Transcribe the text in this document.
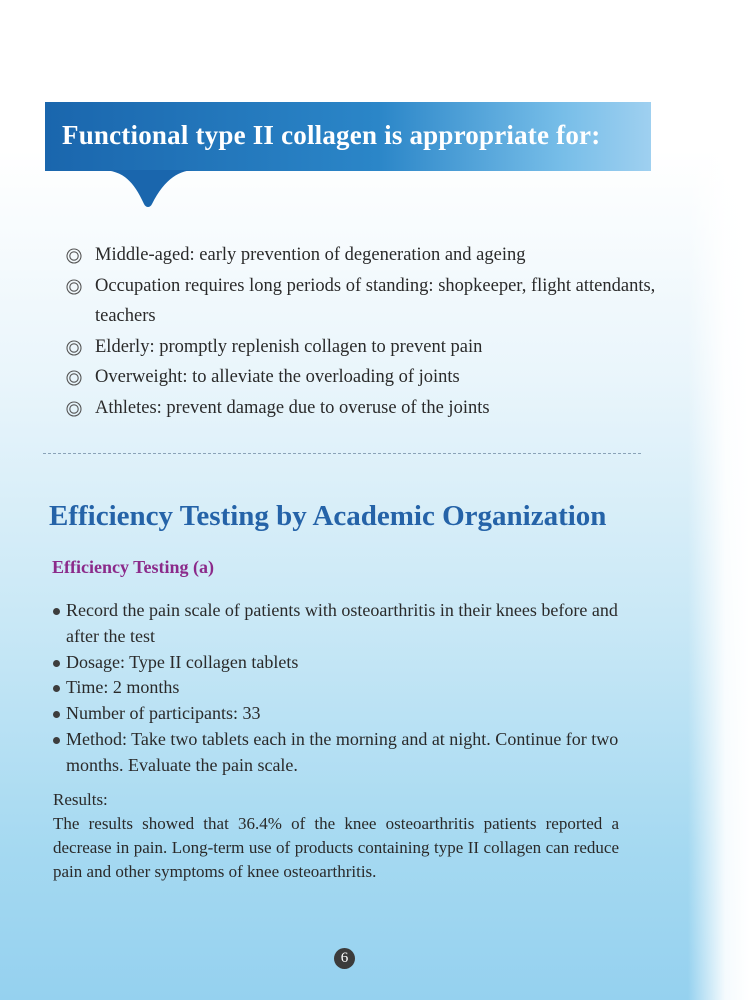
Functional type II collagen is appropriate for:
Middle-aged: early prevention of degeneration and ageing
Occupation requires long periods of standing: shopkeeper, flight attendants, teachers
Elderly: promptly replenish collagen to prevent pain
Overweight: to alleviate the overloading of joints
Athletes: prevent damage due to overuse of the joints
Efficiency Testing by Academic Organization
Efficiency Testing (a)
Record the pain scale of patients with osteoarthritis in their knees before and after the test
Dosage: Type II collagen tablets
Time: 2 months
Number of participants: 33
Method: Take two tablets each in the morning and at night. Continue for two months. Evaluate the pain scale.
Results:
The results showed that 36.4% of the knee osteoarthritis patients reported a decrease in pain. Long-term use of products containing type II collagen can reduce pain and other symptoms of knee osteoarthritis.
6
